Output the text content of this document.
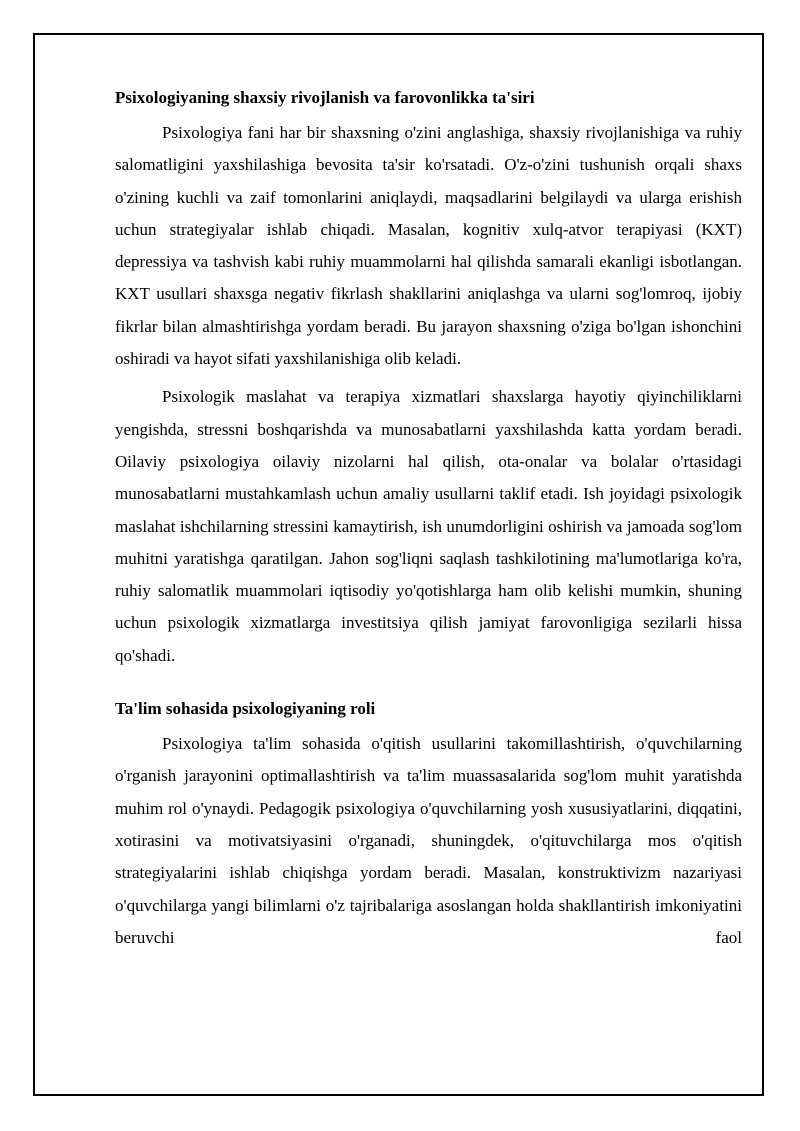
Psixologiyaning shaxsiy rivojlanish va farovonlikka ta'siri

Psixologiya fani har bir shaxsning o'zini anglashiga, shaxsiy rivojlanishiga va ruhiy salomatligini yaxshilashiga bevosita ta'sir ko'rsatadi. O'z-o'zini tushunish orqali shaxs o'zining kuchli va zaif tomonlarini aniqlaydi, maqsadlarini belgilaydi va ularga erishish uchun strategiyalar ishlab chiqadi. Masalan, kognitiv xulq-atvor terapiyasi (KXT) depressiya va tashvish kabi ruhiy muammolarni hal qilishda samarali ekanligi isbotlangan. KXT usullari shaxsga negativ fikrlash shakllarini aniqlashga va ularni sog'lomroq, ijobiy fikrlar bilan almashtirishga yordam beradi. Bu jarayon shaxsning o'ziga bo'lgan ishonchini oshiradi va hayot sifati yaxshilanishiga olib keladi.

Psixologik maslahat va terapiya xizmatlari shaxslarga hayotiy qiyinchiliklarni yengishda, stressni boshqarishda va munosabatlarni yaxshilashda katta yordam beradi. Oilaviy psixologiya oilaviy nizolarni hal qilish, ota-onalar va bolalar o'rtasidagi munosabatlarni mustahkamlash uchun amaliy usullarni taklif etadi. Ish joyidagi psixologik maslahat ishchilarning stressini kamaytirish, ish unumdorligini oshirish va jamoada sog'lom muhitni yaratishga qaratilgan. Jahon sog'liqni saqlash tashkilotining ma'lumotlariga ko'ra, ruhiy salomatlik muammolari iqtisodiy yo'qotishlarga ham olib kelishi mumkin, shuning uchun psixologik xizmatlarga investitsiya qilish jamiyat farovonligiga sezilarli hissa qo'shadi.

Ta'lim sohasida psixologiyaning roli

Psixologiya ta'lim sohasida o'qitish usullarini takomillashtirish, o'quvchilarning o'rganish jarayonini optimallashtirish va ta'lim muassasalarida sog'lom muhit yaratishda muhim rol o'ynaydi. Pedagogik psixologiya o'quvchilarning yosh xususiyatlarini, diqqatini, xotirasini va motivatsiyasini o'rganadi, shuningdek, o'qituvchilarga mos o'qitish strategiyalarini ishlab chiqishga yordam beradi. Masalan, konstruktivizm nazariyasi o'quvchilarga yangi bilimlarni o'z tajribalariga asoslangan holda shakllantirish imkoniyatini beruvchi faol
